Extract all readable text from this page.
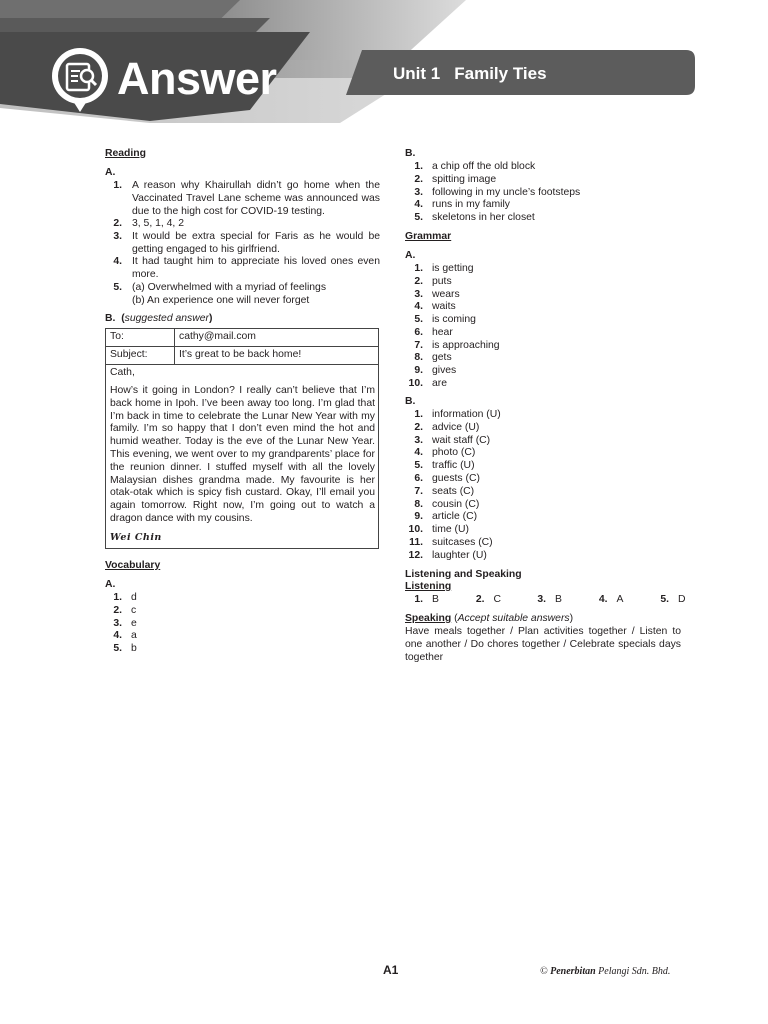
Answer	Unit 1 Family Ties
Reading
A.
1. A reason why Khairullah didn’t go home when the Vaccinated Travel Lane scheme was announced was due to the high cost for COVID-19 testing.
2. 3, 5, 1, 4, 2
3. It would be extra special for Faris as he would be getting engaged to his girlfriend.
4. It had taught him to appreciate his loved ones even more.
5. (a) Overwhelmed with a myriad of feelings
(b) An experience one will never forget
B. (suggested answer)
To:	cathy@mail.com
Subject:	It’s great to be back home!
Cath,
How’s it going in London? I really can’t believe that I’m back home in Ipoh. I’ve been away too long. I’m glad that I’m back in time to celebrate the Lunar New Year with my family. I’m so happy that I don’t even mind the hot and humid weather. Today is the eve of the Lunar New Year. This evening, we went over to my grandparents’ place for the reunion dinner. I stuffed myself with all the lovely Malaysian dishes grandma made. My favourite is her otak-otak which is spicy fish custard. Okay, I’ll email you again tomorrow. Right now, I’m going out to watch a dragon dance with my cousins.
Wei Chin
Vocabulary
A.
1. d
2. c
3. e
4. a
5. b
B.
1. a chip off the old block
2. spitting image
3. following in my uncle’s footsteps
4. runs in my family
5. skeletons in her closet
Grammar
A.
1. is getting
2. puts
3. wears
4. waits
5. is coming
6. hear
7. is approaching
8. gets
9. gives
10. are
B.
1. information (U)
2. advice (U)
3. wait staff (C)
4. photo (C)
5. traffic (U)
6. guests (C)
7. seats (C)
8. cousin (C)
9. article (C)
10. time (U)
11. suitcases (C)
12. laughter (U)
Listening and Speaking
Listening
1. B	2. C	3. B	4. A	5. D
Speaking (Accept suitable answers)
Have meals together / Plan activities together / Listen to one another / Do chores together / Celebrate specials days together
A1	© Penerbitan Pelangi Sdn. Bhd.
